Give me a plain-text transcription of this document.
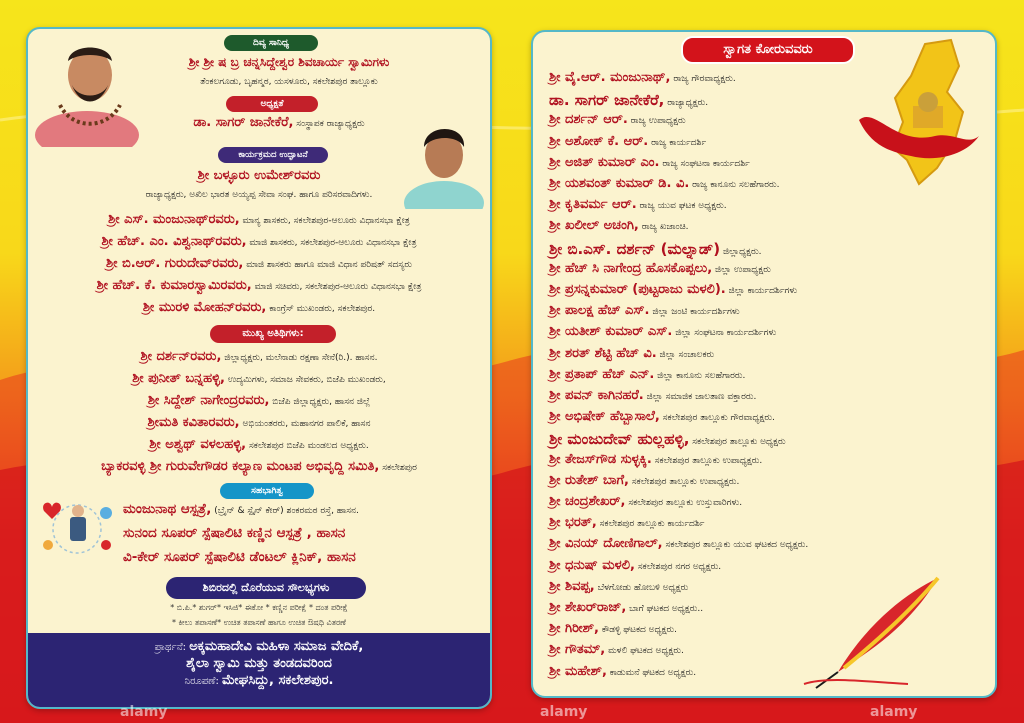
ದಿವ್ಯ ಸಾನಿಧ್ಯ
ಶ್ರೀ ಶ್ರೀ ಷ ಬ್ರ ಚನ್ನಸಿದ್ದೇಶ್ವರ ಶಿವಚಾರ್ಯ ಸ್ವಾಮಿಗಳು
ತೆಂಕಲಗೂಡು, ಬೃಹನ್ಮಠ, ಯಸಳೂರು, ಸಕಲೇಶಪುರ ತಾಲ್ಲೂಕು
ಅಧ್ಯಕ್ಷತೆ
ಡಾ. ಸಾಗರ್ ಜಾನೇಕೆರೆ, ಸಂಸ್ಥಾಪಕ ರಾಜ್ಯಾಧ್ಯಕ್ಷರು
ಕಾರ್ಯಕ್ರಮದ ಉದ್ಘಾಟನೆ
ಶ್ರೀ ಬಳ್ಳೂರು ಉಮೇಶ್‌ರವರು
ರಾಜ್ಯಾಧ್ಯಕ್ಷರು, ಅಖಿಲ ಭಾರತ ಅಯ್ಯಪ್ಪ ಸೇವಾ ಸಂಘ. ಹಾಗೂ ಪರಿಸರವಾದಿಗಳು.
ಶ್ರೀ ಎಸ್. ಮಂಜುನಾಥ್‌ರವರು, ಮಾನ್ಯ ಶಾಸಕರು, ಸಕಲೇಶಪುರ-ಆಲೂರು ವಿಧಾನಸಭಾ ಕ್ಷೇತ್ರ
ಶ್ರೀ ಹೆಚ್. ಎಂ. ವಿಶ್ವನಾಥ್‌ರವರು, ಮಾಜಿ ಶಾಸಕರು, ಸಕಲೇಶಪುರ-ಆಲೂರು ವಿಧಾನಸಭಾ ಕ್ಷೇತ್ರ
ಶ್ರೀ ಬಿ.ಆರ್. ಗುರುದೇವ್‌ರವರು, ಮಾಜಿ ಶಾಸಕರು ಹಾಗೂ ಮಾಜಿ ವಿಧಾನ ಪರಿಷತ್ ಸದಸ್ಯರು
ಶ್ರೀ ಹೆಚ್. ಕೆ. ಕುಮಾರಸ್ವಾಮಿರವರು, ಮಾಜಿ ಸಚಿವರು, ಸಕಲೇಶಪುರ-ಆಲೂರು ವಿಧಾನಸಭಾ ಕ್ಷೇತ್ರ
ಶ್ರೀ ಮುರಳಿ ಮೋಹನ್‌ರವರು, ಕಾಂಗ್ರೆಸ್ ಮುಖಂಡರು, ಸಕಲೇಶಪುರ.
ಮುಖ್ಯ ಅತಿಥಿಗಳು:
ಶ್ರೀ ದರ್ಶನ್‌ರವರು, ಜಿಲ್ಲಾಧ್ಯಕ್ಷರು, ಮಲೆನಾಡು ರಕ್ಷಣಾ ಸೇನೆ(ರಿ.). ಹಾಸನ.
ಶ್ರೀ ಪುನೀತ್ ಬನ್ನಹಳ್ಳಿ, ಉದ್ಯಮಿಗಳು, ಸಮಾಜ ಸೇವಕರು, ಬಿಜೆಪಿ ಮುಖಂಡರು,
ಶ್ರೀ ಸಿದ್ದೇಶ್ ನಾಗೇಂದ್ರರವರು, ಬಿಜೆಪಿ ಜಿಲ್ಲಾಧ್ಯಕ್ಷರು, ಹಾಸನ ಜಿಲ್ಲೆ
ಶ್ರೀಮತಿ ಕವಿತಾರವರು, ಅಭಿಯಂತರರು, ಮಹಾನಗರ ಪಾಲಿಕೆ, ಹಾಸನ
ಶ್ರೀ ಅಶ್ವಥ್ ವಳಲಹಳ್ಳಿ, ಸಕಲೇಶಪುರ ಬಿಜೆಪಿ ಮಂಡಲದ ಅಧ್ಯಕ್ಷರು.
ಬ್ಯಾಕರವಳ್ಳಿ ಶ್ರೀ ಗುರುವೇಗೌಡರ ಕಲ್ಯಾಣ ಮಂಟಪ ಅಭಿವೃದ್ದಿ ಸಮಿತಿ, ಸಕಲೇಶಪುರ
ಸಹಭಾಗಿತ್ವ
ಮಂಜುನಾಥ ಆಸ್ಪತ್ರೆ, (ಬ್ರೈನ್ & ಸ್ಪೈನ್ ಕೇರ್) ಶಂಕರಮಠ ರಸ್ತೆ, ಹಾಸನ.
ಸುನಂದ ಸೂಪರ್ ಸ್ಪೆಷಾಲಿಟಿ ಕಣ್ಣಿನ ಆಸ್ಪತ್ರೆ , ಹಾಸನ
ವಿ-ಕೇರ್ ಸೂಪರ್ ಸ್ಪೆಷಾಲಿಟಿ ಡೆಂಟಲ್ ಕ್ಲಿನಿಕ್, ಹಾಸನ
ಶಿಬಿರದಲ್ಲಿ ದೊರೆಯುವ ಸೌಲಭ್ಯಗಳು
* ಬಿ.ಪಿ.* ಶುಗರ್* ಇಸಿಜಿ* ಈಕೋ * ಕಣ್ಣಿನ ಪರೀಕ್ಷೆ * ದಂತ ಪರೀಕ್ಷೆ
* ಕೀಲು ತಪಾಸಣೆ* ಉಚಿತ ತಪಾಸಣೆ ಹಾಗೂ ಉಚಿತ ಔಷಧಿ ವಿತರಣೆ
ಪ್ರಾರ್ಥನೆ: ಅಕ್ಕಮಹಾದೇವಿ ಮಹಿಳಾ ಸಮಾಜ ವೇದಿಕೆ,
ಶೈಲಾ ಸ್ವಾಮಿ ಮತ್ತು ತಂಡದವರಿಂದ
ನಿರೂಪಣೆ: ಮೇಘಸಿದ್ದು, ಸಕಲೇಶಪುರ.
ಸ್ವಾಗತ ಕೋರುವವರು
ಶ್ರೀ ವೈ.ಆರ್. ಮಂಜುನಾಥ್, ರಾಜ್ಯ ಗೌರವಾಧ್ಯಕ್ಷರು.
ಡಾ. ಸಾಗರ್ ಜಾನೇಕೆರೆ, ರಾಜ್ಯಾಧ್ಯಕ್ಷರು.
ಶ್ರೀ ದರ್ಶನ್ ಆರ್. ರಾಜ್ಯ ಉಪಾಧ್ಯಕ್ಷರು
ಶ್ರೀ ಅಶೋಕ್ ಕೆ. ಆರ್. ರಾಜ್ಯ ಕಾರ್ಯದರ್ಶಿ
ಶ್ರೀ ಅಜಿತ್ ಕುಮಾರ್ ಎಂ. ರಾಜ್ಯ ಸಂಘಟನಾ ಕಾರ್ಯದರ್ಶಿ
ಶ್ರೀ ಯಶವಂತ್ ಕುಮಾರ್ ಡಿ. ವಿ. ರಾಜ್ಯ ಕಾನೂನು ಸಲಹೆಗಾರರು.
ಶ್ರೀ ಕೃತಿವರ್ಮ ಆರ್. ರಾಜ್ಯ ಯುವ ಘಟಕ ಅಧ್ಯಕ್ಷರು.
ಶ್ರೀ ಖಲೀಲ್ ಅಚಂಗಿ, ರಾಜ್ಯ ಖಜಾಂಚಿ.
ಶ್ರೀ ಬಿ.ಎಸ್. ದರ್ಶನ್ (ಮಲ್ನಾಡ್) ಜಿಲ್ಲಾಧ್ಯಕ್ಷರು.
ಶ್ರೀ ಹೆಚ್ ಸಿ ನಾಗೇಂದ್ರ ಹೊಸಕೊಪ್ಪಲು, ಜಿಲ್ಲಾ ಉಪಾಧ್ಯಕ್ಷರು
ಶ್ರೀ ಪ್ರಸನ್ನಕುಮಾರ್ (ಪುಟ್ಟರಾಜು ಮಳಲಿ). ಜಿಲ್ಲಾ ಕಾರ್ಯದರ್ಶಿಗಳು
ಶ್ರೀ ಪಾಲಕ್ಷ ಹೆಚ್ ಎಸ್. ಜಿಲ್ಲಾ ಜಂಟಿ ಕಾರ್ಯದರ್ಶಿಗಳು
ಶ್ರೀ ಯತೀಶ್ ಕುಮಾರ್ ಎಸ್. ಜಿಲ್ಲಾ ಸಂಘಟನಾ ಕಾರ್ಯದರ್ಶಿಗಳು
ಶ್ರೀ ಶರತ್ ಶೆಟ್ಟಿ ಹೆಚ್ ವಿ. ಜಿಲ್ಲಾ ಸಂಚಾಲಕರು
ಶ್ರೀ ಪ್ರತಾಪ್ ಹೆಚ್ ಎನ್. ಜಿಲ್ಲಾ ಕಾನೂನು ಸಲಹೆಗಾರರು.
ಶ್ರೀ ಪವನ್ ಕಾಗಿನಹರೆ. ಜಿಲ್ಲಾ ಸಮಾಜಿಕ ಜಾಲತಾಣ ವಕ್ತಾರರು.
ಶ್ರೀ ಅಭಿಷೇಕ್ ಹೆಬ್ಬಾಸಾಲೆ, ಸಕಲೇಶಪುರ ತಾಲ್ಲೂಕು ಗೌರವಾಧ್ಯಕ್ಷರು.
ಶ್ರೀ ಮಂಜುದೇವ್ ಹುಲ್ಲಹಳ್ಳಿ, ಸಕಲೇಶಪುರ ತಾಲ್ಲೂಕು ಅಧ್ಯಕ್ಷರು
ಶ್ರೀ ತೇಜಸ್‌ಗೌಡ ಸುಳ್ಳಕ್ಕಿ. ಸಕಲೇಶಪುರ ತಾಲ್ಲೂಕು ಉಪಾಧ್ಯಕ್ಷರು.
ಶ್ರೀ ರುತೇಶ್ ಬಾಗೆ, ಸಕಲೇಶಪುರ ತಾಲ್ಲೂಕು ಉಪಾಧ್ಯಕ್ಷರು.
ಶ್ರೀ ಚಂದ್ರಶೇಖರ್, ಸಕಲೇಶಪುರ ತಾಲ್ಲೂಕು ಉಸ್ತುವಾರಿಗಳು.
ಶ್ರೀ ಭರತ್, ಸಕಲೇಶಪುರ ತಾಲ್ಲೂಕು ಕಾರ್ಯದರ್ಶಿ
ಶ್ರೀ ವಿನಯ್ ದೋಣಿಗಾಲ್, ಸಕಲೇಶಪುರ ತಾಲ್ಲೂಕು ಯುವ ಘಟಕದ ಅಧ್ಯಕ್ಷರು.
ಶ್ರೀ ಧನುಷ್ ಮಳಲಿ, ಸಕಲೇಶಪುರ ನಗರ ಅಧ್ಯಕ್ಷರು.
ಶ್ರೀ ಶಿವಪ್ಪ, ಬೆಳಗೋಡು ಹೋಬಳಿ ಅಧ್ಯಕ್ಷರು
ಶ್ರೀ ಶೇಖರ್‌ರಾಜ್, ಬಾಗೆ ಘಟಕದ ಅಧ್ಯಕ್ಷರು..
ಶ್ರೀ ಗಿರೀಶ್, ಕೌಡಳ್ಳಿ ಘಟಕದ ಅಧ್ಯಕ್ಷರು.
ಶ್ರೀ ಗೌತಮ್, ಮಳಲಿ ಘಟಕದ ಅಧ್ಯಕ್ಷರು.
ಶ್ರೀ ಮಹೇಶ್, ಕಾಡುಮನೆ ಘಟಕದ ಅಧ್ಯಕ್ಷರು.
alamy	alamy	alamy
